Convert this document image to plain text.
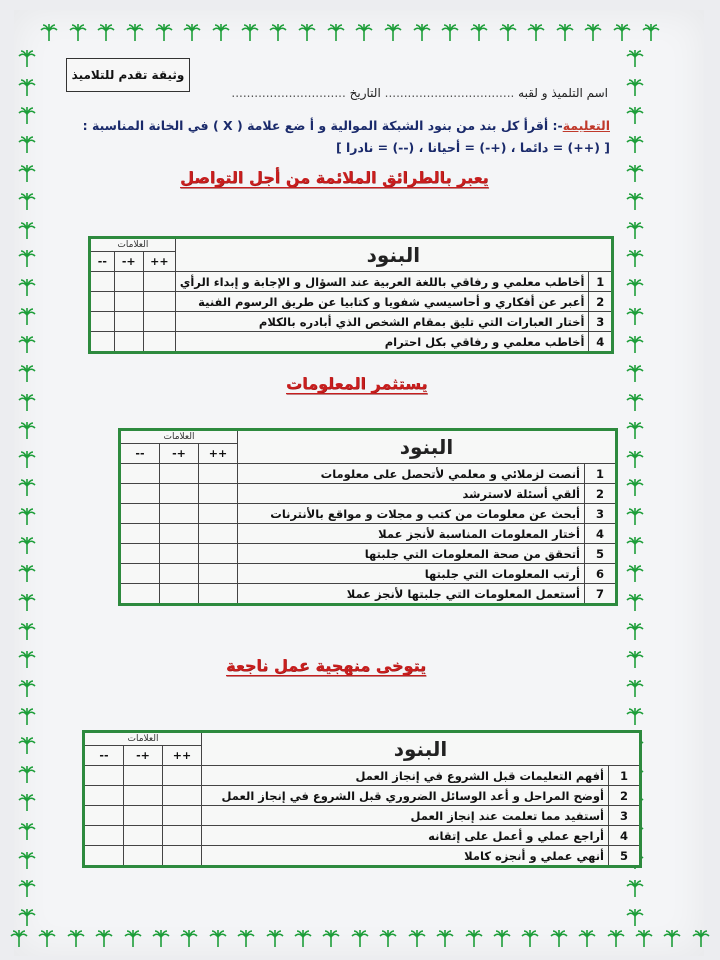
وثيقة تقدم للتلاميذ
اسم التلميذ و لقبه .................................. التاريخ ..............................
التعليمة-: أقرأ كل بند من بنود الشبكة الموالية و أ ضع علامة ( X ) في الخانة المناسبة :
[ (++) = دائما ، (+-) = أحيانا ، (--) = نادرا ]
يعبر بالطرائق الملائمة من أجل التواصل
البنود		العلامات		
		++	+-	--
1	أخاطب معلمي و رفاقي باللغة العربية عند السؤال و الإجابة و إبداء الرأي			
2	أعبر عن أفكاري و أحاسيسي شفويا و كتابيا عن طريق الرسوم الفنية			
3	أختار العبارات التي تليق بمقام الشخص الذي أبادره بالكلام			
4	أخاطب معلمي و رفاقي بكل احترام			
يستثمر المعلومات
البنود		العلامات		
		++	+-	--
1	أنصت لزملائي و معلمي لأتحصل على معلومات			
2	ألقي أسئلة لاسترشد			
3	أبحث عن معلومات من كتب و مجلات و مواقع بالأنترنات			
4	أختار المعلومات المناسبة لأنجز عملا			
5	أتحقق من صحة المعلومات التي جلبتها			
6	أرتب المعلومات التي جلبتها			
7	أستعمل المعلومات التي جلبتها لأنجز عملا			
يتوخى منهجية عمل ناجعة
البنود		العلامات		
		++	+-	--
1	أفهم التعليمات قبل الشروع في إنجاز العمل			
2	أوضح المراحل و أعد الوسائل الضروري قبل الشروع في إنجاز العمل			
3	أستفيد مما تعلمت عند إنجاز العمل			
4	أراجع عملي و أعمل على إتقانه			
5	أنهي عملي و أنجزه كاملا			
